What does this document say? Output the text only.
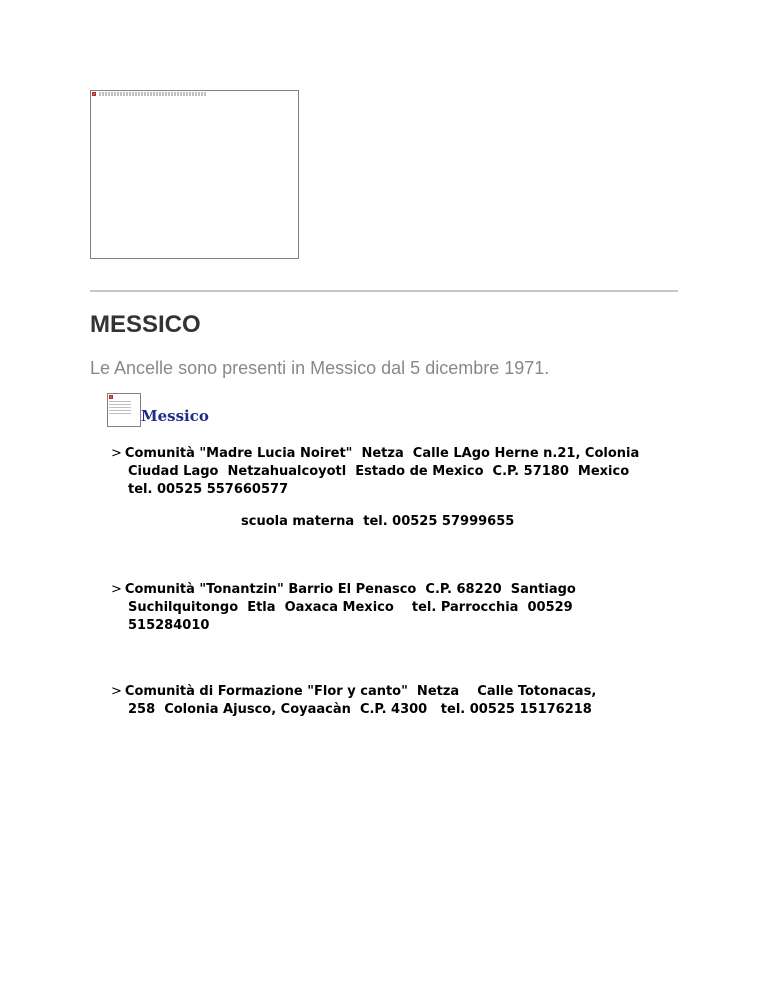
MESSICO

Le Ancelle sono presenti in Messico dal 5 dicembre 1971.

Messico

> Comunità "Madre Lucia Noiret"  Netza  Calle LAgo Herne n.21, Colonia
Ciudad Lago  Netzahualcoyotl  Estado de Mexico  C.P. 57180  Mexico
tel. 00525 557660577

scuola materna  tel. 00525 57999655

> Comunità "Tonantzin" Barrio El Penasco  C.P. 68220  Santiago
Suchilquitongo  Etla  Oaxaca Mexico    tel. Parrocchia  00529
515284010

> Comunità di Formazione "Flor y canto"  Netza    Calle Totonacas,
258  Colonia Ajusco, Coyaacàn  C.P. 4300   tel. 00525 15176218
